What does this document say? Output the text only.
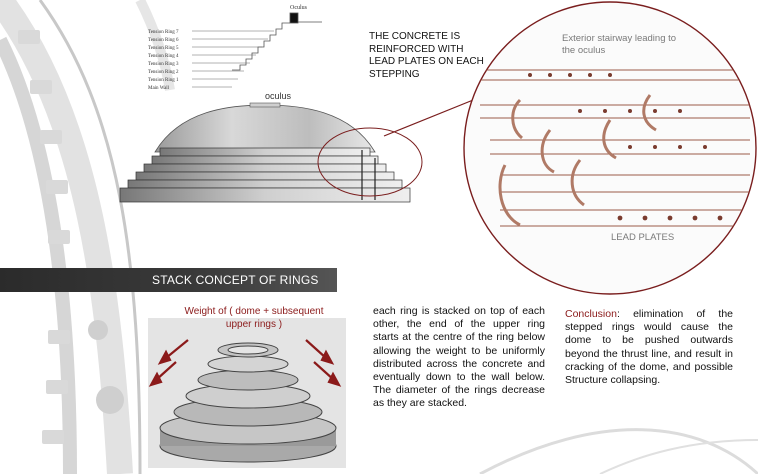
Oculus
Tension Ring 7
Tension Ring 6
Tension Ring 5
Tension Ring 4
Tension Ring 3
Tension Ring 2
Tension Ring 1
Main Wall
oculus
THE CONCRETE IS REINFORCED WITH LEAD PLATES ON EACH STEPPING
Exterior stairway leading to the oculus
LEAD PLATES
STACK CONCEPT OF RINGS
Weight of ( dome + subsequent upper rings )
each ring is stacked on top of each other, the end of the upper ring starts at the centre of the ring below allowing the weight to be uniformly distributed across the concrete and eventually down to the wall below. The diameter of the rings decrease as they are stacked.
Conclusion: elimination of the stepped rings would cause the dome to be pushed outwards beyond the thrust line, and result in cracking of the dome, and possible Structure collapsing.
